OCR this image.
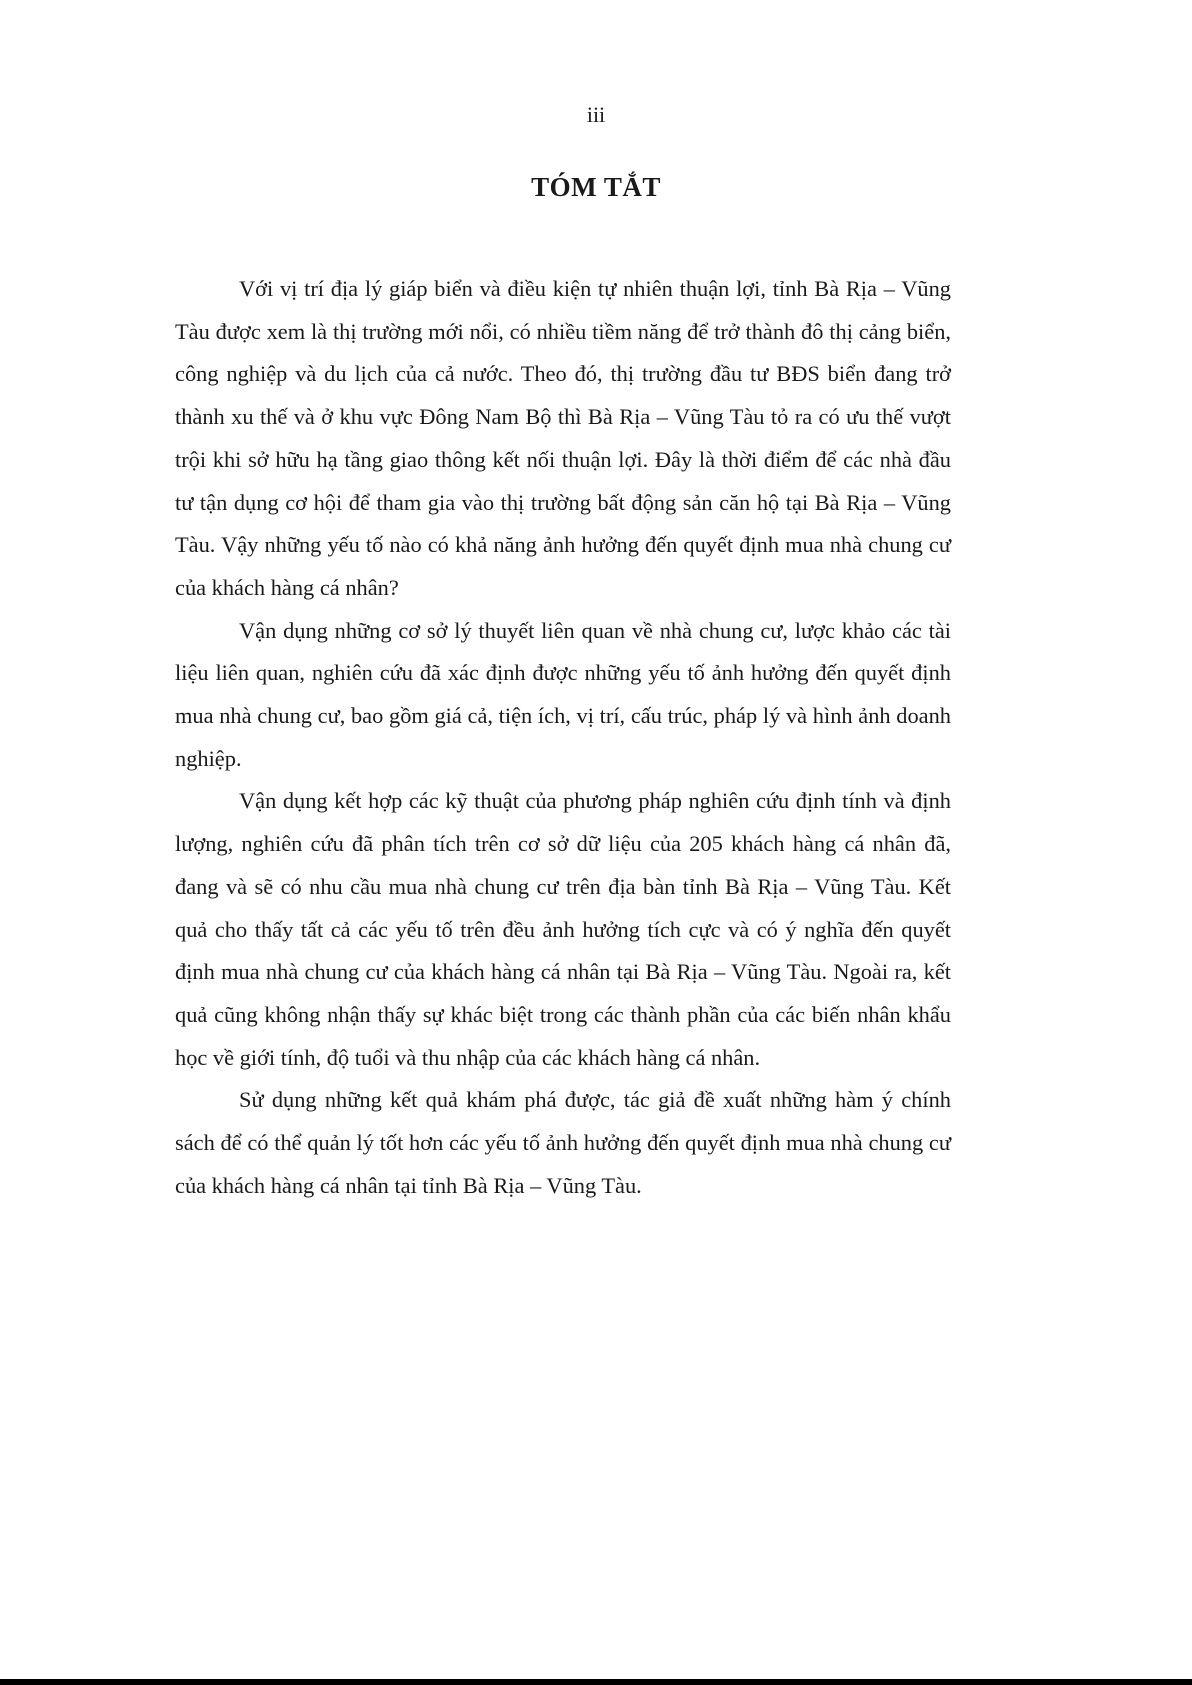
iii
TÓM TẮT

Với vị trí địa lý giáp biển và điều kiện tự nhiên thuận lợi, tỉnh Bà Rịa – Vũng Tàu được xem là thị trường mới nổi, có nhiều tiềm năng để trở thành đô thị cảng biển, công nghiệp và du lịch của cả nước. Theo đó, thị trường đầu tư BĐS biển đang trở thành xu thế và ở khu vực Đông Nam Bộ thì Bà Rịa – Vũng Tàu tỏ ra có ưu thế vượt trội khi sở hữu hạ tầng giao thông kết nối thuận lợi. Đây là thời điểm để các nhà đầu tư tận dụng cơ hội để tham gia vào thị trường bất động sản căn hộ tại Bà Rịa – Vũng Tàu. Vậy những yếu tố nào có khả năng ảnh hưởng đến quyết định mua nhà chung cư của khách hàng cá nhân?

Vận dụng những cơ sở lý thuyết liên quan về nhà chung cư, lược khảo các tài liệu liên quan, nghiên cứu đã xác định được những yếu tố ảnh hưởng đến quyết định mua nhà chung cư, bao gồm giá cả, tiện ích, vị trí, cấu trúc, pháp lý và hình ảnh doanh nghiệp.

Vận dụng kết hợp các kỹ thuật của phương pháp nghiên cứu định tính và định lượng, nghiên cứu đã phân tích trên cơ sở dữ liệu của 205 khách hàng cá nhân đã, đang và sẽ có nhu cầu mua nhà chung cư trên địa bàn tỉnh Bà Rịa – Vũng Tàu. Kết quả cho thấy tất cả các yếu tố trên đều ảnh hưởng tích cực và có ý nghĩa đến quyết định mua nhà chung cư của khách hàng cá nhân tại Bà Rịa – Vũng Tàu. Ngoài ra, kết quả cũng không nhận thấy sự khác biệt trong các thành phần của các biến nhân khẩu học về giới tính, độ tuổi và thu nhập của các khách hàng cá nhân.

Sử dụng những kết quả khám phá được, tác giả đề xuất những hàm ý chính sách để có thể quản lý tốt hơn các yếu tố ảnh hưởng đến quyết định mua nhà chung cư của khách hàng cá nhân tại tỉnh Bà Rịa – Vũng Tàu.
